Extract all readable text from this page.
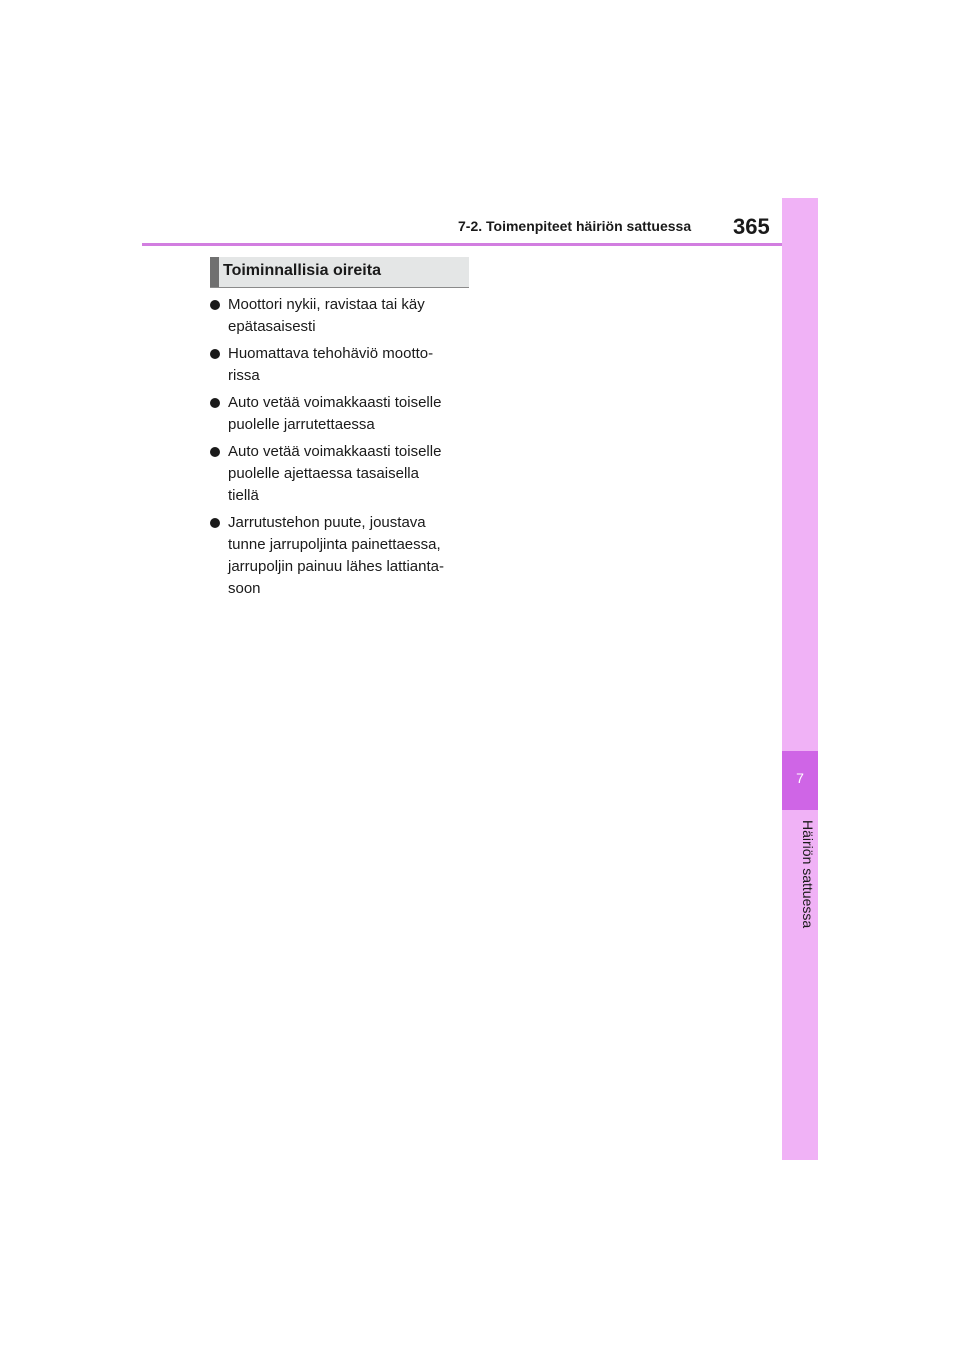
7-2. Toimenpiteet häiriön sattuessa 365
7
Häiriön sattuessa
Toiminnallisia oireita
Moottori nykii, ravistaa tai käy
epätasaisesti
Huomattava tehohäviö mootto-
rissa
Auto vetää voimakkaasti toiselle
puolelle jarrutettaessa
Auto vetää voimakkaasti toiselle
puolelle ajettaessa tasaisella
tiellä
Jarrutustehon puute, joustava
tunne jarrupoljinta painettaessa,
jarrupoljin painuu lähes lattianta-
soon
